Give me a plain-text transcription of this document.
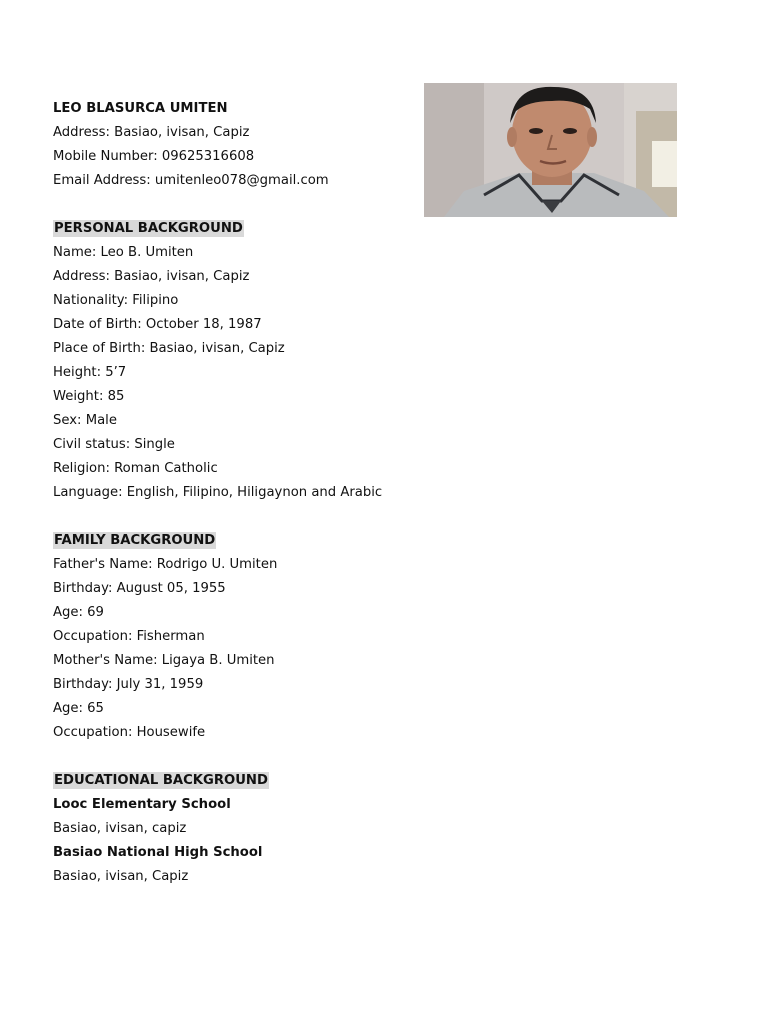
LEO BLASURCA UMITEN
Address: Basiao, ivisan, Capiz
Mobile Number: 09625316608
Email Address: umitenleo078@gmail.com
PERSONAL BACKGROUND
Name: Leo B. Umiten
Address: Basiao, ivisan, Capiz
Nationality: Filipino
Date of Birth: October 18, 1987
Place of Birth: Basiao, ivisan, Capiz
Height: 5’7
Weight: 85
Sex: Male
Civil status: Single
Religion: Roman Catholic
Language: English, Filipino, Hiligaynon and Arabic
FAMILY BACKGROUND
Father's Name: Rodrigo U. Umiten
Birthday: August 05, 1955
Age: 69
Occupation: Fisherman
Mother's Name: Ligaya B. Umiten
Birthday: July 31, 1959
Age: 65
Occupation: Housewife
EDUCATIONAL BACKGROUND
Looc Elementary School
Basiao, ivisan, capiz
Basiao National High School
Basiao, ivisan, Capiz
